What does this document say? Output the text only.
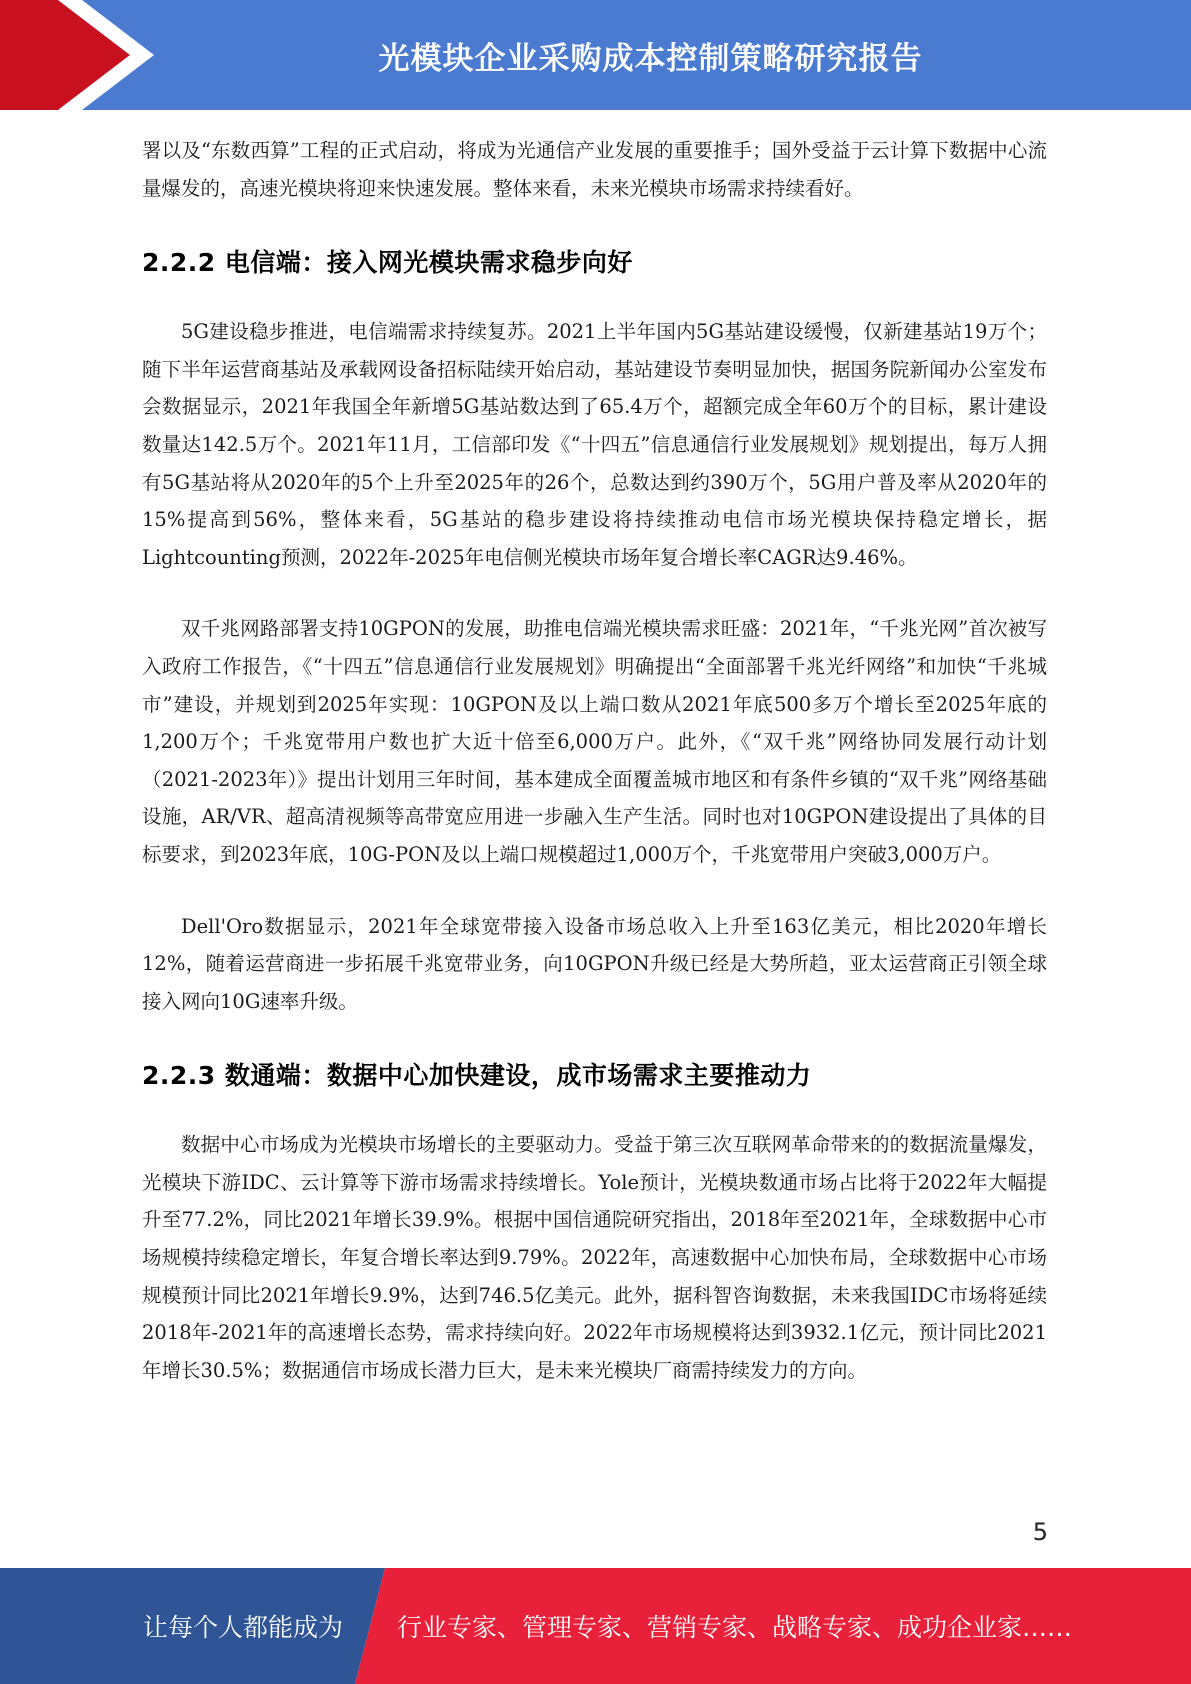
光模块企业采购成本控制策略研究报告

署以及“东数西算”工程的正式启动，将成为光通信产业发展的重要推手；国外受益于云计算下数据中心流量爆发的，高速光模块将迎来快速发展。整体来看，未来光模块市场需求持续看好。

2.2.2 电信端：接入网光模块需求稳步向好

5G建设稳步推进，电信端需求持续复苏。2021上半年国内5G基站建设缓慢，仅新建基站19万个；随下半年运营商基站及承载网设备招标陆续开始启动，基站建设节奏明显加快，据国务院新闻办公室发布会数据显示，2021年我国全年新增5G基站数达到了65.4万个，超额完成全年60万个的目标，累计建设数量达142.5万个。2021年11月，工信部印发《“十四五”信息通信行业发展规划》规划提出，每万人拥有5G基站将从2020年的5个上升至2025年的26个，总数达到约390万个，5G用户普及率从2020年的15%提高到56%，整体来看，5G基站的稳步建设将持续推动电信市场光模块保持稳定增长，据Lightcounting预测，2022年-2025年电信侧光模块市场年复合增长率CAGR达9.46%。

双千兆网路部署支持10GPON的发展，助推电信端光模块需求旺盛：2021年，“千兆光网”首次被写入政府工作报告，《“十四五”信息通信行业发展规划》明确提出“全面部署千兆光纤网络”和加快“千兆城市”建设，并规划到2025年实现：10GPON及以上端口数从2021年底500多万个增长至2025年底的1,200万个；千兆宽带用户数也扩大近十倍至6,000万户。此外，《“双千兆”网络协同发展行动计划（2021-2023年）》提出计划用三年时间，基本建成全面覆盖城市地区和有条件乡镇的“双千兆”网络基础设施，AR/VR、超高清视频等高带宽应用进一步融入生产生活。同时也对10GPON建设提出了具体的目标要求，到2023年底，10G-PON及以上端口规模超过1,000万个，千兆宽带用户突破3,000万户。

Dell'Oro数据显示，2021年全球宽带接入设备市场总收入上升至163亿美元，相比2020年增长12%，随着运营商进一步拓展千兆宽带业务，向10GPON升级已经是大势所趋，亚太运营商正引领全球接入网向10G速率升级。

2.2.3 数通端：数据中心加快建设，成市场需求主要推动力

数据中心市场成为光模块市场增长的主要驱动力。受益于第三次互联网革命带来的的数据流量爆发，光模块下游IDC、云计算等下游市场需求持续增长。Yole预计，光模块数通市场占比将于2022年大幅提升至77.2%，同比2021年增长39.9%。根据中国信通院研究指出，2018年至2021年，全球数据中心市场规模持续稳定增长，年复合增长率达到9.79%。2022年，高速数据中心加快布局，全球数据中心市场规模预计同比2021年增长9.9%，达到746.5亿美元。此外，据科智咨询数据，未来我国IDC市场将延续2018年-2021年的高速增长态势，需求持续向好。2022年市场规模将达到3932.1亿元，预计同比2021年增长30.5%；数据通信市场成长潜力巨大，是未来光模块厂商需持续发力的方向。

5
让每个人都能成为 行业专家、管理专家、营销专家、战略专家、成功企业家……
